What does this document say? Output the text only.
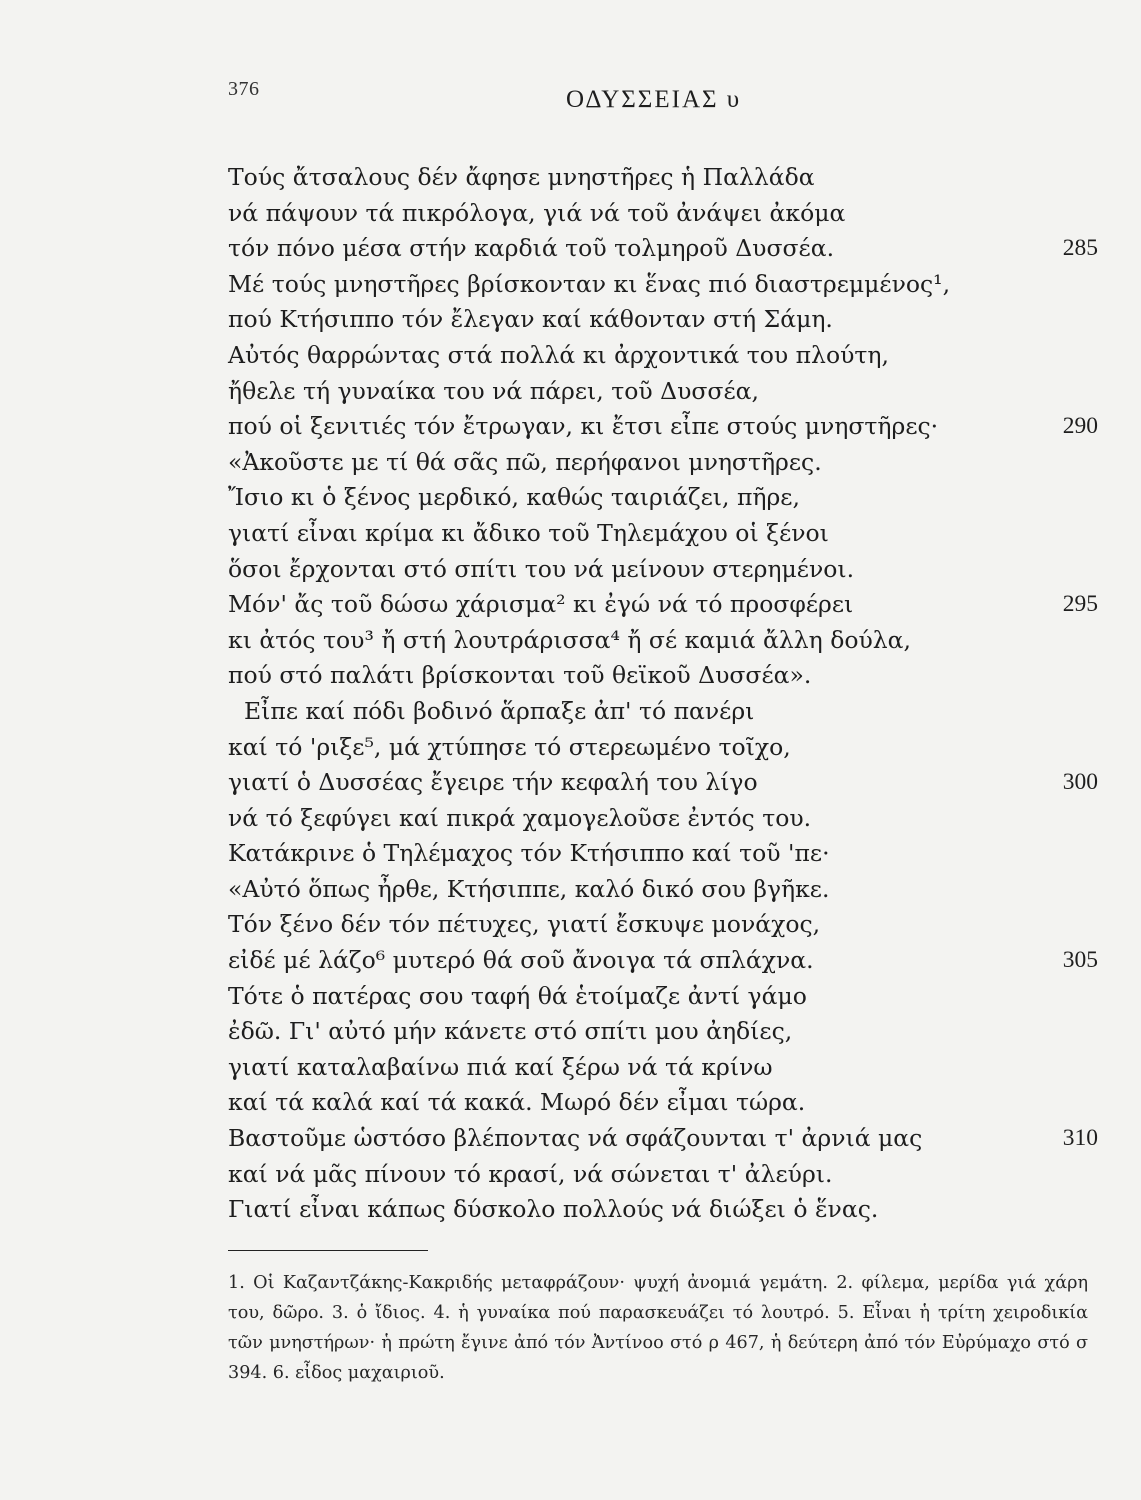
376	ΟΔΥΣΣΕΙΑΣ υ
Τούς ἄτσαλους δέν ἄφησε μνηστῆρες ἡ Παλλάδα
νά πάψουν τά πικρόλογα, γιά νά τοῦ ἀνάψει ἀκόμα
τόν πόνο μέσα στήν καρδιά τοῦ τολμηροῦ Δυσσέα.	285
Μέ τούς μνηστῆρες βρίσκονταν κι ἕνας πιό διαστρεμμένος¹,
πού Κτήσιππο τόν ἔλεγαν καί κάθονταν στή Σάμη.
Αὐτός θαρρώντας στά πολλά κι ἀρχοντικά του πλούτη,
ἤθελε τή γυναίκα του νά πάρει, τοῦ Δυσσέα,
πού οἱ ξενιτιές τόν ἔτρωγαν, κι ἔτσι εἶπε στούς μνηστῆρες·	290
«Ἀκοῦστε με τί θά σᾶς πῶ, περήφανοι μνηστῆρες.
Ἴσιο κι ὁ ξένος μερδικό, καθώς ταιριάζει, πῆρε,
γιατί εἶναι κρίμα κι ἄδικο τοῦ Τηλεμάχου οἱ ξένοι
ὅσοι ἔρχονται στό σπίτι του νά μείνουν στερημένοι.
Μόν' ἄς τοῦ δώσω χάρισμα² κι ἐγώ νά τό προσφέρει	295
κι ἀτός του³ ἤ στή λουτράρισσα⁴ ἤ σέ καμιά ἄλλη δούλα,
πού στό παλάτι βρίσκονται τοῦ θεϊκοῦ Δυσσέα».
Εἶπε καί πόδι βοδινό ἅρπαξε ἀπ' τό πανέρι
καί τό 'ριξε⁵, μά χτύπησε τό στερεωμένο τοῖχο,
γιατί ὁ Δυσσέας ἔγειρε τήν κεφαλή του λίγο	300
νά τό ξεφύγει καί πικρά χαμογελοῦσε ἐντός του.
Κατάκρινε ὁ Τηλέμαχος τόν Κτήσιππο καί τοῦ 'πε·
«Αὐτό ὅπως ἦρθε, Κτήσιππε, καλό δικό σου βγῆκε.
Τόν ξένο δέν τόν πέτυχες, γιατί ἔσκυψε μονάχος,
εἰδέ μέ λάζο⁶ μυτερό θά σοῦ ἄνοιγα τά σπλάχνα.	305
Τότε ὁ πατέρας σου ταφή θά ἑτοίμαζε ἀντί γάμο
ἐδῶ. Γι' αὐτό μήν κάνετε στό σπίτι μου ἀηδίες,
γιατί καταλαβαίνω πιά καί ξέρω νά τά κρίνω
καί τά καλά καί τά κακά. Μωρό δέν εἶμαι τώρα.
Βαστοῦμε ὡστόσο βλέποντας νά σφάζουνται τ' ἀρνιά μας	310
καί νά μᾶς πίνουν τό κρασί, νά σώνεται τ' ἀλεύρι.
Γιατί εἶναι κάπως δύσκολο πολλούς νά διώξει ὁ ἕνας.
1. Οἱ Καζαντζάκης-Κακριδής μεταφράζουν· ψυχή ἀνομιά γεμάτη. 2. φίλεμα, μερίδα γιά χάρη του, δῶρο. 3. ὁ ἴδιος. 4. ἡ γυναίκα πού παρασκευάζει τό λουτρό. 5. Εἶναι ἡ τρίτη χειροδικία τῶν μνηστήρων· ἡ πρώτη ἔγινε ἀπό τόν Ἀντίνοο στό ρ 467, ἡ δεύτερη ἀπό τόν Εὐρύμαχο στό σ 394. 6. εἶδος μαχαιριοῦ.
